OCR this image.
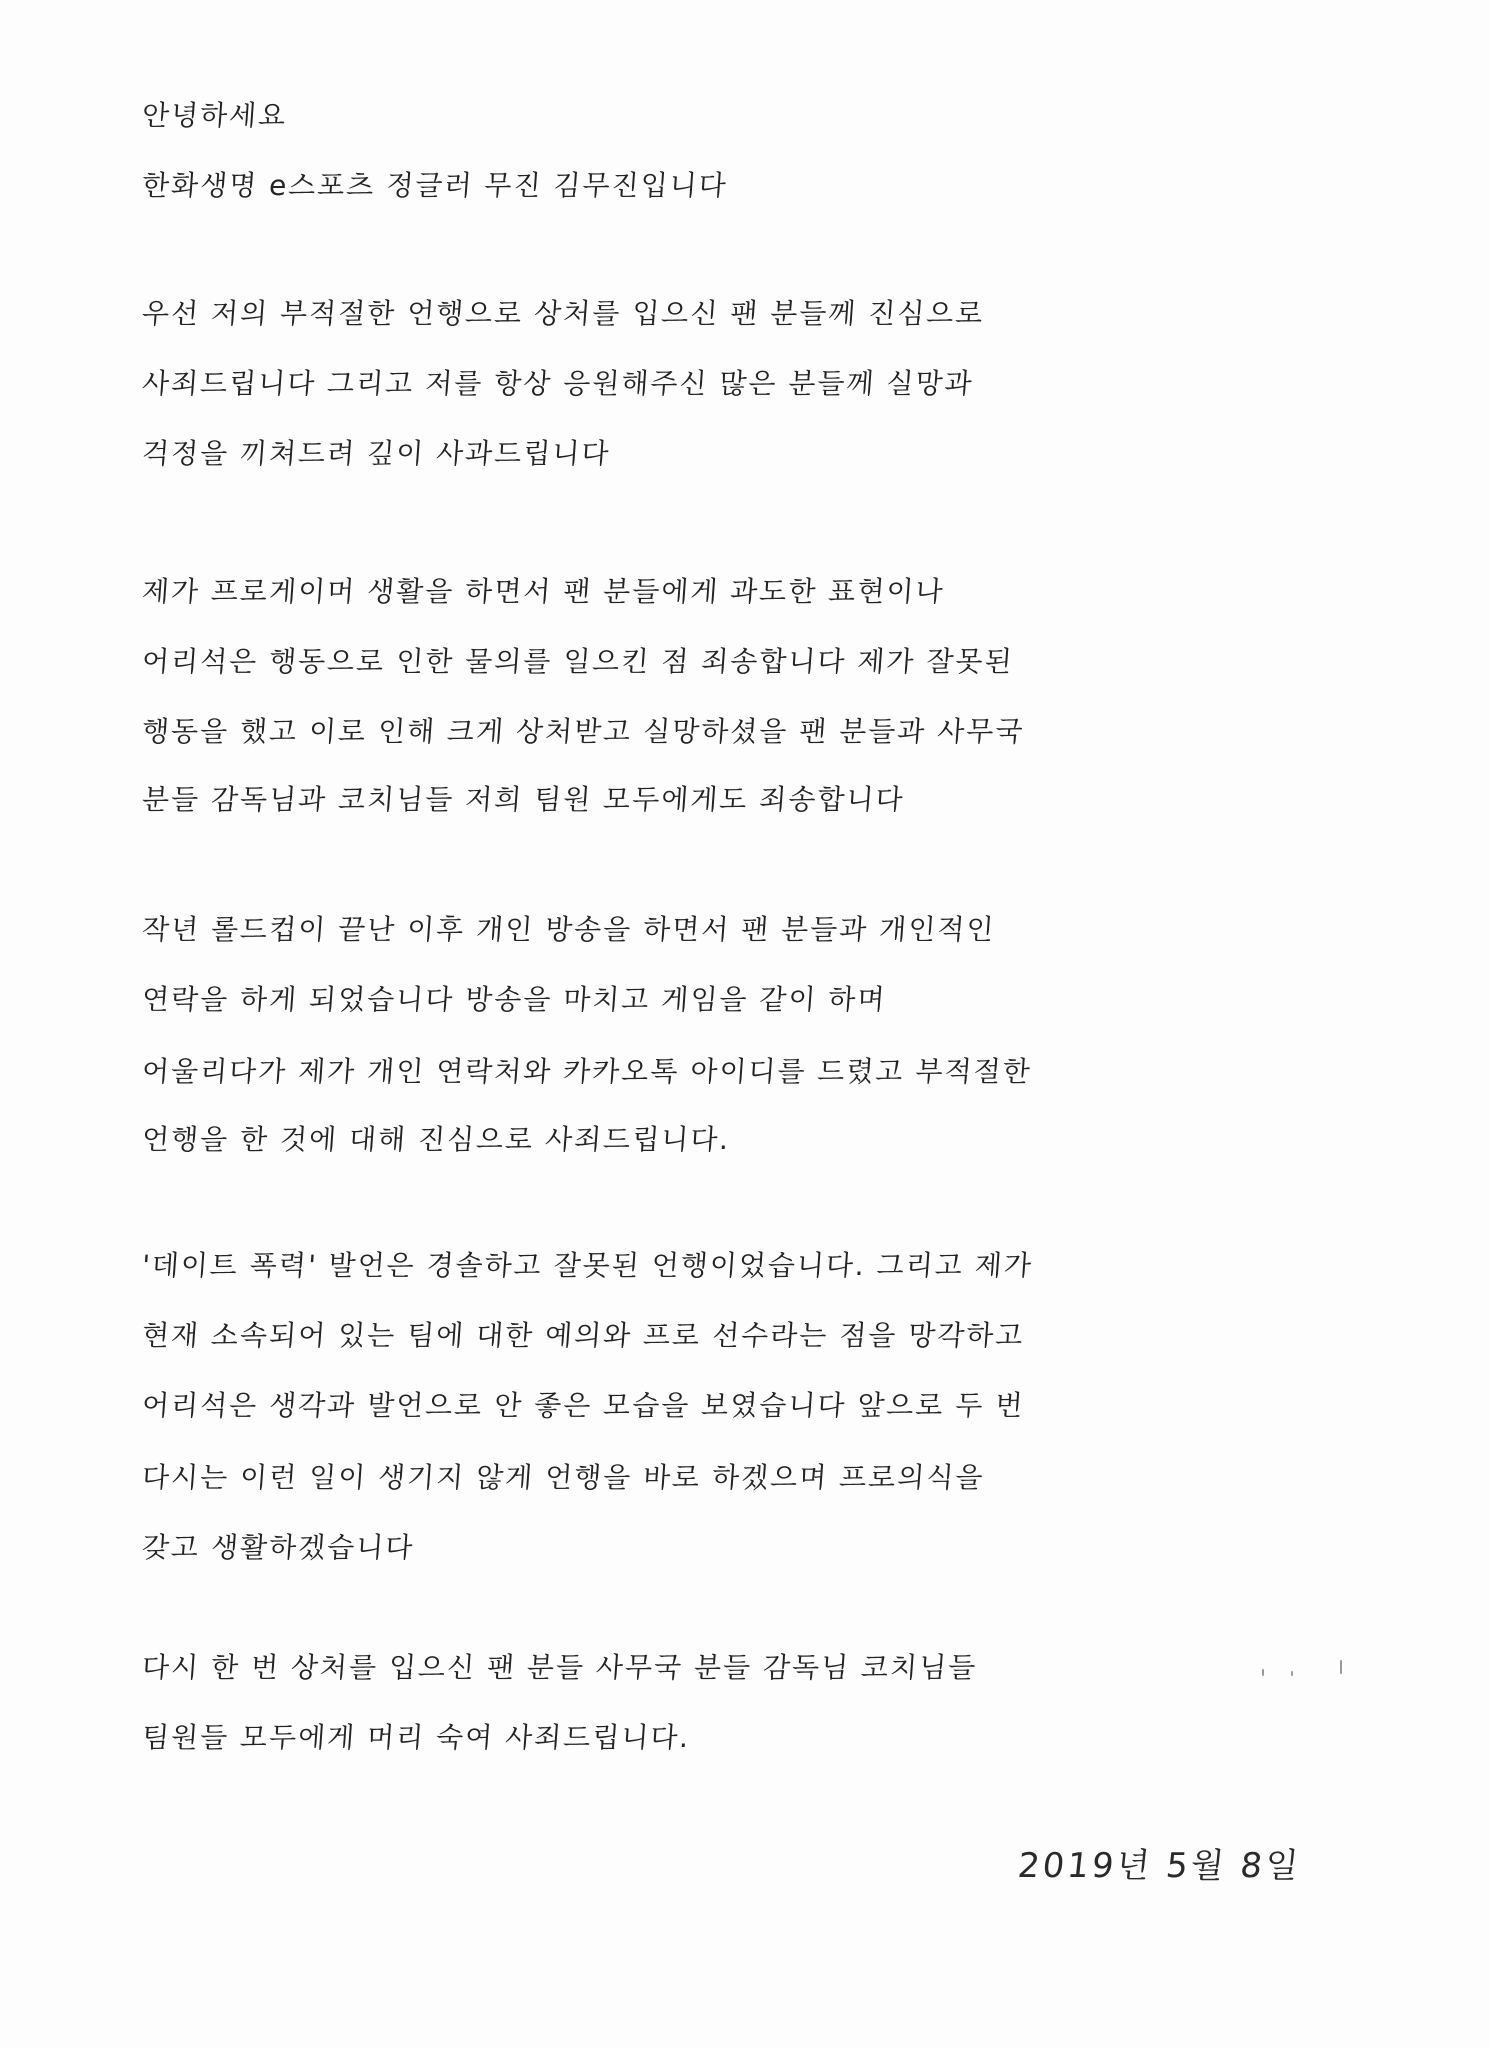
안녕하세요
한화생명 e스포츠 정글러 무진 김무진입니다
우선 저의 부적절한 언행으로 상처를 입으신 팬 분들께 진심으로
사죄드립니다 그리고 저를 항상 응원해주신 많은 분들께 실망과
걱정을 끼쳐드려 깊이 사과드립니다
제가 프로게이머 생활을 하면서 팬 분들에게 과도한 표현이나
어리석은 행동으로 인한 물의를 일으킨 점 죄송합니다 제가 잘못된
행동을 했고 이로 인해 크게 상처받고 실망하셨을 팬 분들과 사무국
분들 감독님과 코치님들 저희 팀원 모두에게도 죄송합니다
작년 롤드컵이 끝난 이후 개인 방송을 하면서 팬 분들과 개인적인
연락을 하게 되었습니다 방송을 마치고 게임을 같이 하며
어울리다가 제가 개인 연락처와 카카오톡 아이디를 드렸고 부적절한
언행을 한 것에 대해 진심으로 사죄드립니다.
'데이트 폭력' 발언은 경솔하고 잘못된 언행이었습니다. 그리고 제가
현재 소속되어 있는 팀에 대한 예의와 프로 선수라는 점을 망각하고
어리석은 생각과 발언으로 안 좋은 모습을 보였습니다 앞으로 두 번
다시는 이런 일이 생기지 않게 언행을 바로 하겠으며 프로의식을
갖고 생활하겠습니다
다시 한 번 상처를 입으신 팬 분들 사무국 분들 감독님 코치님들
팀원들 모두에게 머리 숙여 사죄드립니다.
2019년 5월 8일
